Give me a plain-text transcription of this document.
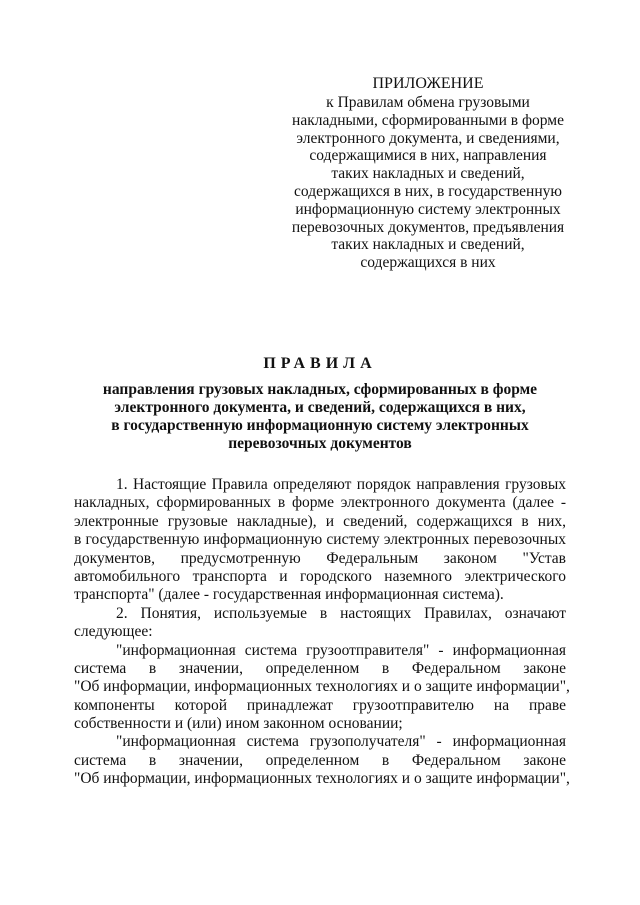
ПРИЛОЖЕНИЕ
к Правилам обмена грузовыми
накладными, сформированными в форме
электронного документа, и сведениями,
содержащимися в них, направления
таких накладных и сведений,
содержащихся в них, в государственную
информационную систему электронных
перевозочных документов, предъявления
таких накладных и сведений,
содержащихся в них
ПРАВИЛА
направления грузовых накладных, сформированных в форме
электронного документа, и сведений, содержащихся в них,
в государственную информационную систему электронных
перевозочных документов
1. Настоящие Правила определяют порядок направления грузовых
накладных, сформированных в форме электронного документа (далее -
электронные грузовые накладные), и сведений, содержащихся в них,
в государственную информационную систему электронных перевозочных
документов, предусмотренную Федеральным законом "Устав
автомобильного транспорта и городского наземного электрического
транспорта" (далее - государственная информационная система).
2. Понятия, используемые в настоящих Правилах, означают
следующее:
"информационная система грузоотправителя" - информационная
система в значении, определенном в Федеральном законе
"Об информации, информационных технологиях и о защите информации",
компоненты которой принадлежат грузоотправителю на праве
собственности и (или) ином законном основании;
"информационная система грузополучателя" - информационная
система в значении, определенном в Федеральном законе
"Об информации, информационных технологиях и о защите информации",
